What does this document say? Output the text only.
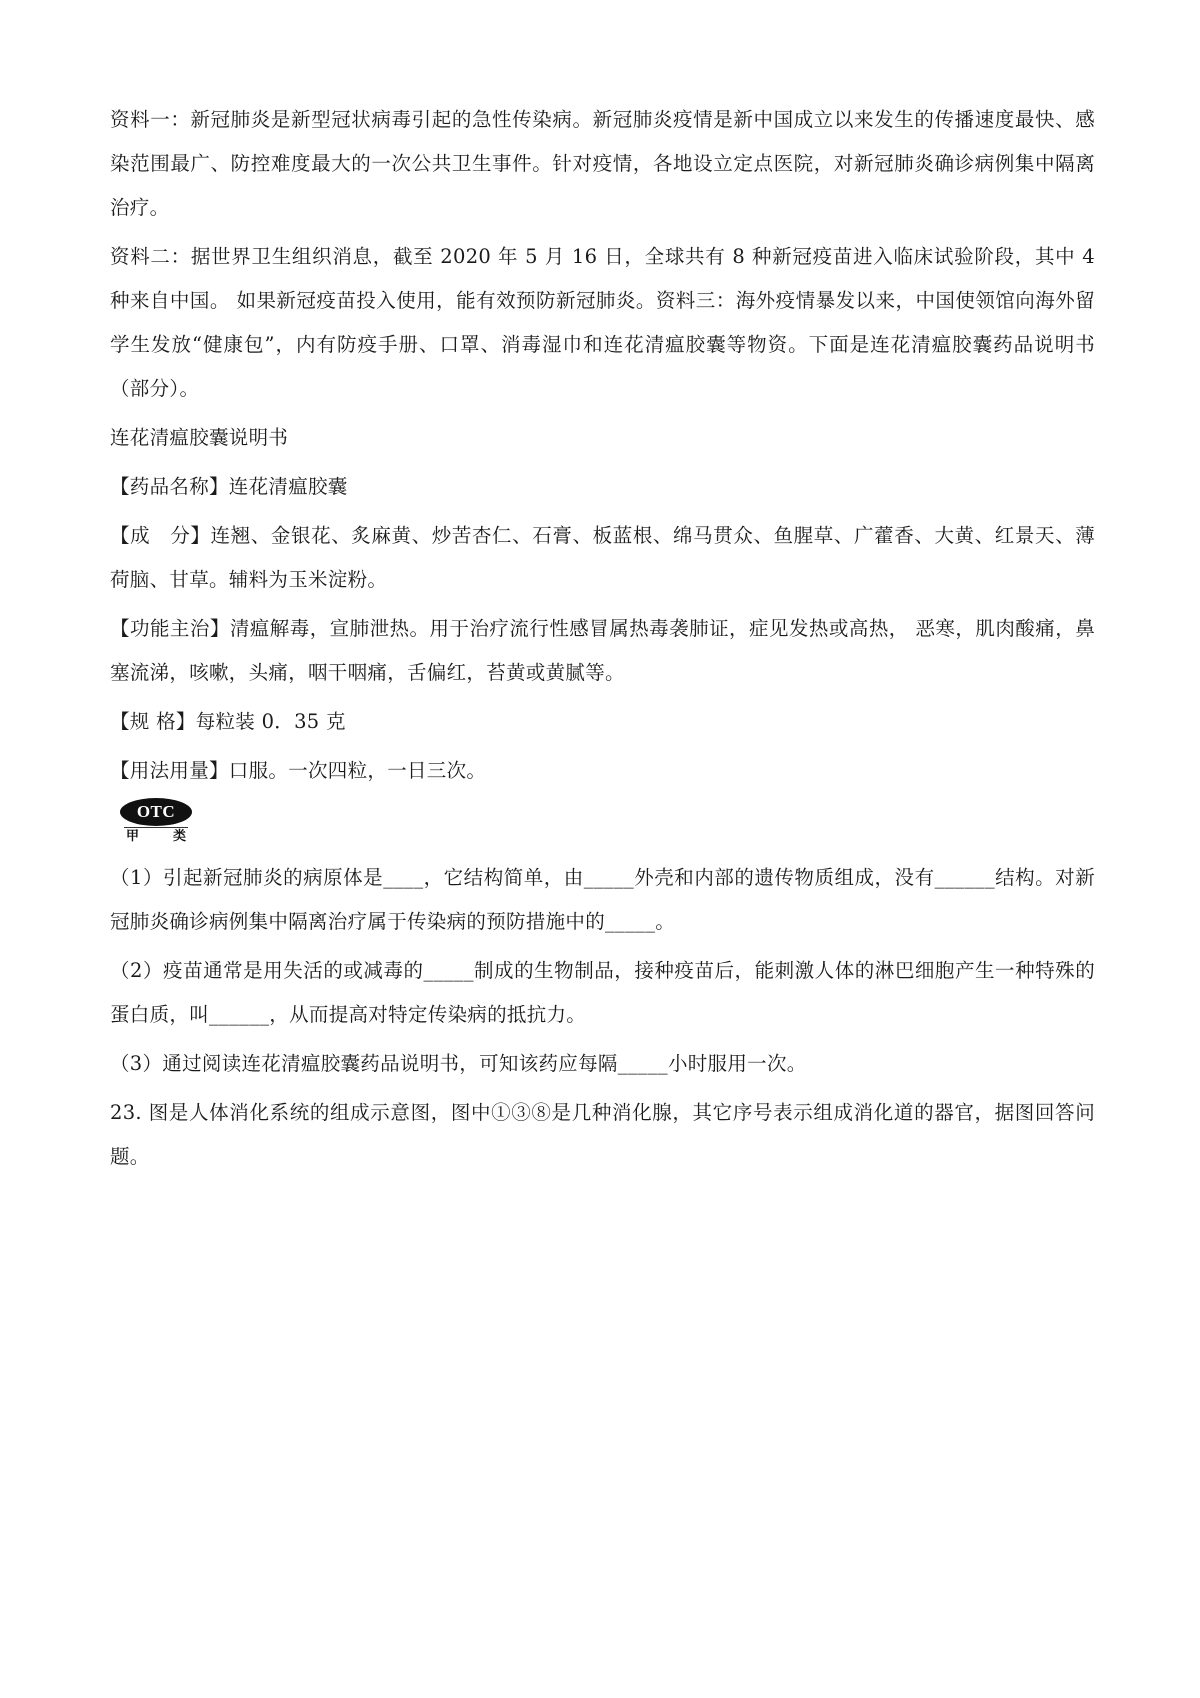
资料一：新冠肺炎是新型冠状病毒引起的急性传染病。新冠肺炎疫情是新中国成立以来发生的传播速度最快、感染范围最广、防控难度最大的一次公共卫生事件。针对疫情，各地设立定点医院，对新冠肺炎确诊病例集中隔离治疗。

资料二：据世界卫生组织消息，截至 2020 年 5 月 16 日，全球共有 8 种新冠疫苗进入临床试验阶段，其中 4 种来自中国。 如果新冠疫苗投入使用，能有效预防新冠肺炎。资料三：海外疫情暴发以来，中国使领馆向海外留学生发放“健康包”，内有防疫手册、口罩、消毒湿巾和连花清瘟胶囊等物资。下面是连花清瘟胶囊药品说明书（部分）。

连花清瘟胶囊说明书

【药品名称】连花清瘟胶囊

【成　分】连翘、金银花、炙麻黄、炒苦杏仁、石膏、板蓝根、绵马贯众、鱼腥草、广藿香、大黄、红景天、薄荷脑、甘草。辅料为玉米淀粉。

【功能主治】清瘟解毒，宣肺泄热。用于治疗流行性感冒属热毒袭肺证，症见发热或高热， 恶寒，肌肉酸痛，鼻塞流涕，咳嗽，头痛，咽干咽痛，舌偏红，苔黄或黄腻等。

【规 格】每粒装 0．35 克

【用法用量】口服。一次四粒，一日三次。

OTC
甲	类

（1）引起新冠肺炎的病原体是____，它结构简单，由_____外壳和内部的遗传物质组成，没有______结构。对新冠肺炎确诊病例集中隔离治疗属于传染病的预防措施中的_____。

（2）疫苗通常是用失活的或减毒的_____制成的生物制品，接种疫苗后，能刺激人体的淋巴细胞产生一种特殊的蛋白质，叫______，从而提高对特定传染病的抵抗力。

（3）通过阅读连花清瘟胶囊药品说明书，可知该药应每隔_____小时服用一次。

23. 图是人体消化系统的组成示意图，图中①③⑧是几种消化腺，其它序号表示组成消化道的器官，据图回答问题。
